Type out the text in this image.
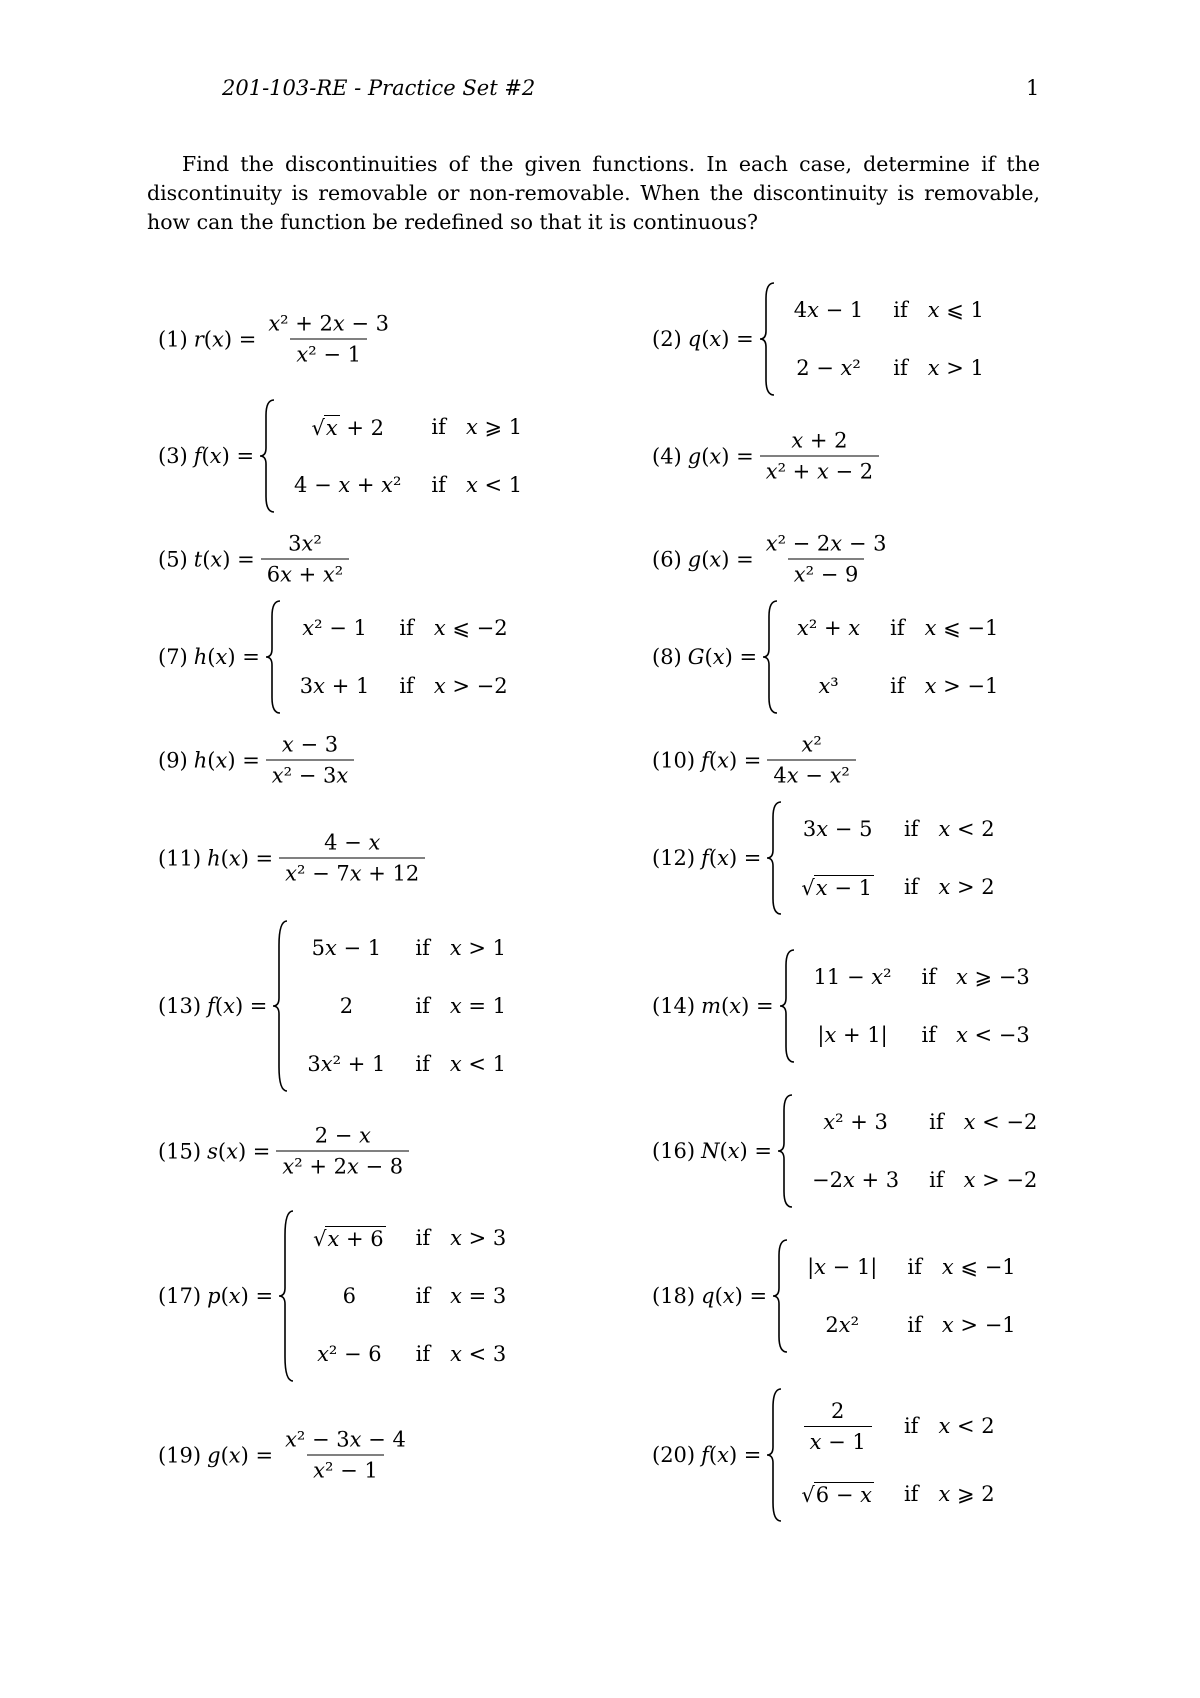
201-103-RE - Practice Set #2	1
Find the discontinuities of the given functions. In each case, determine if the discontinuity is removable or non-removable. When the discontinuity is removable, how can the function be redefined so that it is continuous?
(1) $r(x) = \frac{\text{x² + 2x − 3}}{\text{x² − 1}}$	(2) q(x) =
4x − 1	if   x ⩽ 1
2 − x²	if   x > 1
(3) f(x) =
√x + 2	if   x ⩾ 1
4 − x + x²	if   x < 1
(4) $g(x) = \frac{x + 2}{\text{x² + x − 2}}$
(5) $t(x) = \frac{\text{3x²}}{\text{6x + x²}}$	(6) $g(x) = \frac{\text{x² − 2x − 3}}{\text{x² − 9}}$
(7) h(x) =
x² − 1	if   x ⩽ −2
3x + 1	if   x > −2
(8) G(x) =
x² + x	if   x ⩽ −1
x³	if   x > −1
(9) $h(x) = \frac{x - 3}{\text{x² − 3x}}$	(10) $f(x) = \frac{\text{x²}}{\text{4x − x²}}$
(11) $h(x) = \frac{4 - x}{\text{x² − 7x + 12}}$	(12) f(x) =
3x − 5	if   x < 2
√x − 1	if   x > 2
(13) f(x) =
5x − 1	if   x > 1
2	if   x = 1
3x² + 1	if   x < 1
(14) m(x) =
11 − x²	if   x ⩾ −3
|x + 1|	if   x < −3
(15) $s(x) = \frac{2 - x}{\text{x² + 2x − 8}}$	(16) N(x) =
x² + 3	if   x < −2
−2x + 3	if   x > −2
(17) p(x) =
√x + 6	if   x > 3
6	if   x = 3
x² − 6	if   x < 3
(18) q(x) =
|x − 1|	if   x ⩽ −1
2x²	if   x > −1
(19) $g(x) = \frac{\text{x² − 3x − 4}}{\text{x² − 1}}$	(20) f(x) =
$\frac{2}{x - 1}$	if   x < 2
√6 − x	if   x ⩾ 2
